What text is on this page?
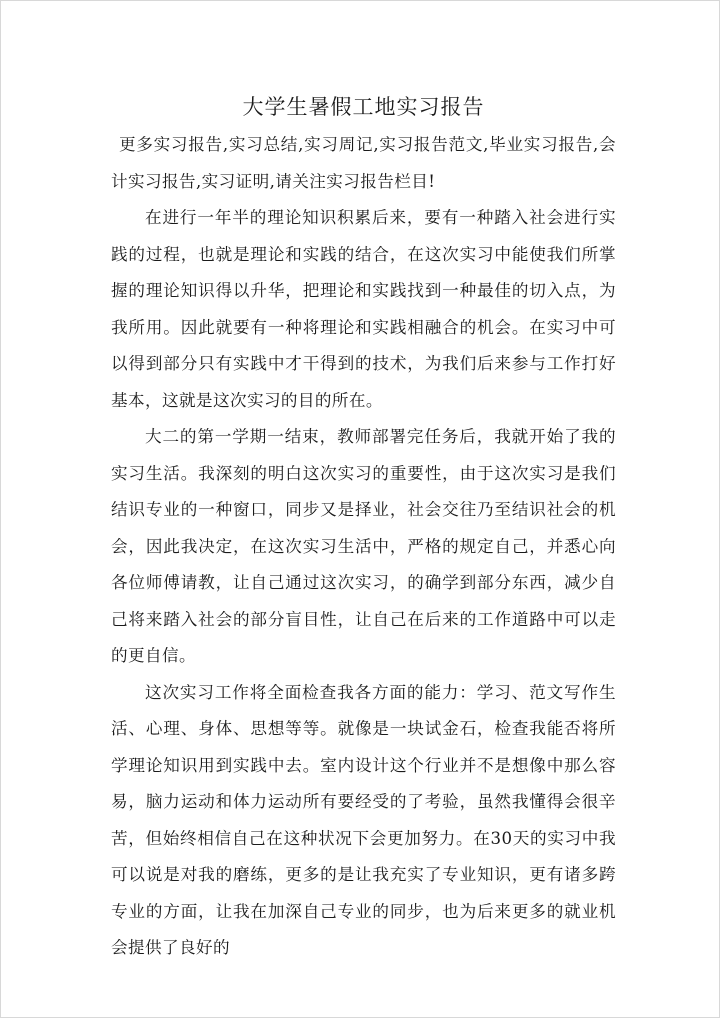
大学生暑假工地实习报告

更多实习报告,实习总结,实习周记,实习报告范文,毕业实习报告,会计实习报告,实习证明,请关注实习报告栏目!

在进行一年半的理论知识积累后来，要有一种踏入社会进行实践的过程，也就是理论和实践的结合，在这次实习中能使我们所掌握的理论知识得以升华，把理论和实践找到一种最佳的切入点，为我所用。因此就要有一种将理论和实践相融合的机会。在实习中可以得到部分只有实践中才干得到的技术，为我们后来参与工作打好基本，这就是这次实习的目的所在。

大二的第一学期一结束，教师部署完任务后，我就开始了我的实习生活。我深刻的明白这次实习的重要性，由于这次实习是我们结识专业的一种窗口，同步又是择业，社会交往乃至结识社会的机会，因此我决定，在这次实习生活中，严格的规定自己，并悉心向各位师傅请教，让自己通过这次实习，的确学到部分东西，减少自己将来踏入社会的部分盲目性，让自己在后来的工作道路中可以走的更自信。

这次实习工作将全面检查我各方面的能力：学习、范文写作生活、心理、身体、思想等等。就像是一块试金石，检查我能否将所学理论知识用到实践中去。室内设计这个行业并不是想像中那么容易，脑力运动和体力运动所有要经受的了考验，虽然我懂得会很辛苦，但始终相信自己在这种状况下会更加努力。在30天的实习中我可以说是对我的磨练，更多的是让我充实了专业知识，更有诸多跨专业的方面，让我在加深自己专业的同步，也为后来更多的就业机会提供了良好的
